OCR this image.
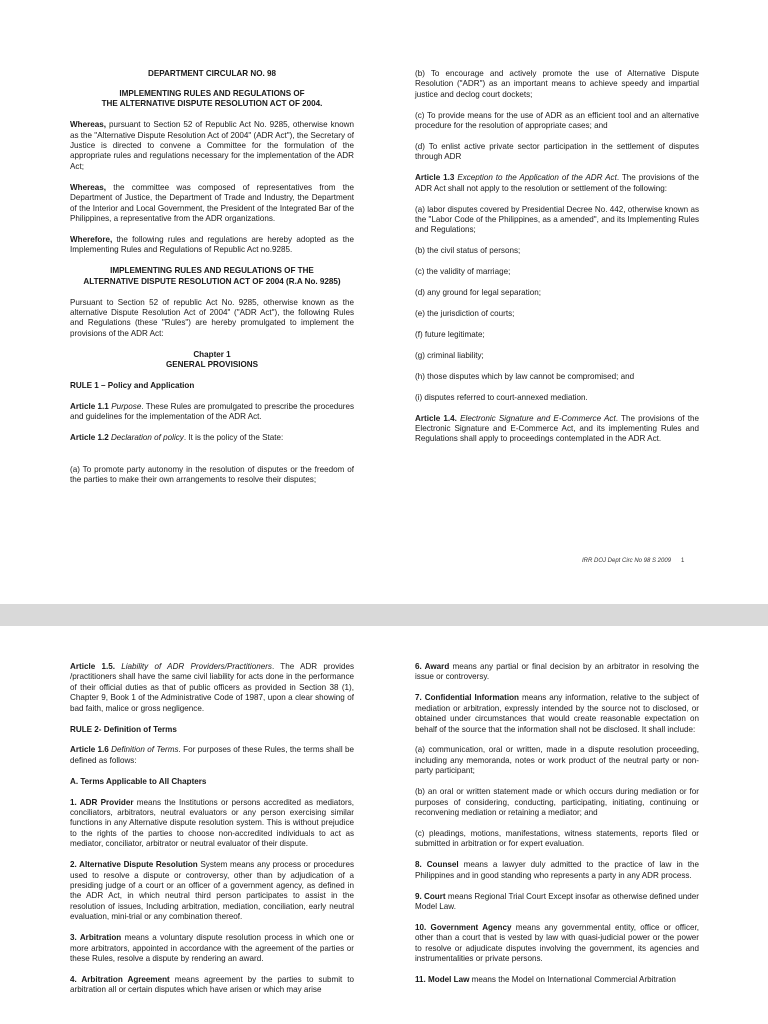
DEPARTMENT CIRCULAR NO. 98

IMPLEMENTING RULES AND REGULATIONS OF
THE ALTERNATIVE DISPUTE RESOLUTION ACT OF 2004.

Whereas, pursuant to Section 52 of Republic Act No. 9285, otherwise known as the "Alternative Dispute Resolution Act of 2004" (ADR Act"), the Secretary of Justice is directed to convene a Committee for the formulation of the appropriate rules and regulations necessary for the implementation of the ADR Act;

Whereas, the committee was composed of representatives from the Department of Justice, the Department of Trade and Industry, the Department of the Interior and Local Government, the President of the Integrated Bar of the Philippines, a representative from the ADR organizations.

Wherefore, the following rules and regulations are hereby adopted as the Implementing Rules and Regulations of Republic Act no.9285.

IMPLEMENTING RULES AND REGULATIONS OF THE
ALTERNATIVE DISPUTE RESOLUTION ACT OF 2004 (R.A No. 9285)

Pursuant to Section 52 of republic Act No. 9285, otherwise known as the alternative Dispute Resolution Act of 2004" ("ADR Act"), the following Rules and Regulations (these "Rules") are hereby promulgated to implement the provisions of the ADR Act:

Chapter 1
GENERAL PROVISIONS

RULE 1 – Policy and Application

Article 1.1 Purpose. These Rules are promulgated to prescribe the procedures and guidelines for the implementation of the ADR Act.

Article 1.2 Declaration of policy. It is the policy of the State:

(a) To promote party autonomy in the resolution of disputes or the freedom of the parties to make their own arrangements to resolve their disputes;

(b) To encourage and actively promote the use of Alternative Dispute Resolution ("ADR") as an important means to achieve speedy and impartial justice and declog court dockets;

(c) To provide means for the use of ADR as an efficient tool and an alternative procedure for the resolution of appropriate cases; and

(d) To enlist active private sector participation in the settlement of disputes through ADR

Article 1.3 Exception to the Application of the ADR Act. The provisions of the ADR Act shall not apply to the resolution or settlement of the following:

(a) labor disputes covered by Presidential Decree No. 442, otherwise known as the "Labor Code of the Philippines, as a amended", and its Implementing Rules and Regulations;

(b) the civil status of persons;

(c) the validity of marriage;

(d) any ground for legal separation;

(e) the jurisdiction of courts;

(f) future legitimate;

(g) criminal liability;

(h) those disputes which by law cannot be compromised; and

(i) disputes referred to court-annexed mediation.

Article 1.4. Electronic Signature and E-Commerce Act. The provisions of the Electronic Signature and E-Commerce Act, and its implementing Rules and Regulations shall apply to proceedings contemplated in the ADR Act.

IRR DOJ Dept Circ No 98 S 2009 1

Article 1.5. Liability of ADR Providers/Practitioners. The ADR provides /practitioners shall have the same civil liability for acts done in the performance of their official duties as that of public officers as provided in Section 38 (1), Chapter 9, Book 1 of the Administrative Code of 1987, upon a clear showing of bad faith, malice or gross negligence.

RULE 2- Definition of Terms

Article 1.6 Definition of Terms. For purposes of these Rules, the terms shall be defined as follows:

A. Terms Applicable to All Chapters

1. ADR Provider means the Institutions or persons accredited as mediators, conciliators, arbitrators, neutral evaluators or any person exercising similar functions in any Alternative dispute resolution system. This is without prejudice to the rights of the parties to choose non-accredited individuals to act as mediator, conciliator, arbitrator or neutral evaluator of their dispute.

2. Alternative Dispute Resolution System means any process or procedures used to resolve a dispute or controversy, other than by adjudication of a presiding judge of a court or an officer of a government agency, as defined in the ADR Act, in which neutral third person participates to assist in the resolution of issues, Including arbitration, mediation, conciliation, early neutral evaluation, mini-trial or any combination thereof.

3. Arbitration means a voluntary dispute resolution process in which one or more arbitrators, appointed in accordance with the agreement of the parties or these Rules, resolve a dispute by rendering an award.

4. Arbitration Agreement means agreement by the parties to submit to arbitration all or certain disputes which have arisen or which may arise

6. Award means any partial or final decision by an arbitrator in resolving the issue or controversy.

7. Confidential Information means any information, relative to the subject of mediation or arbitration, expressly intended by the source not to disclosed, or obtained under circumstances that would create reasonable expectation on behalf of the source that the information shall not be disclosed. It shall include:

(a) communication, oral or written, made in a dispute resolution proceeding, including any memoranda, notes or work product of the neutral party or non-party participant;

(b) an oral or written statement made or which occurs during mediation or for purposes of considering, conducting, participating, initiating, continuing or reconvening mediation or retaining a mediator; and

(c) pleadings, motions, manifestations, witness statements, reports filed or submitted in arbitration or for expert evaluation.

8. Counsel means a lawyer duly admitted to the practice of law in the Philippines and in good standing who represents a party in any ADR process.

9. Court means Regional Trial Court Except insofar as otherwise defined under Model Law.

10. Government Agency means any governmental entity, office or officer, other than a court that is vested by law with quasi-judicial power or the power to resolve or adjudicate disputes involving the government, its agencies and instrumentalities or private persons.

11. Model Law means the Model on International Commercial Arbitration
